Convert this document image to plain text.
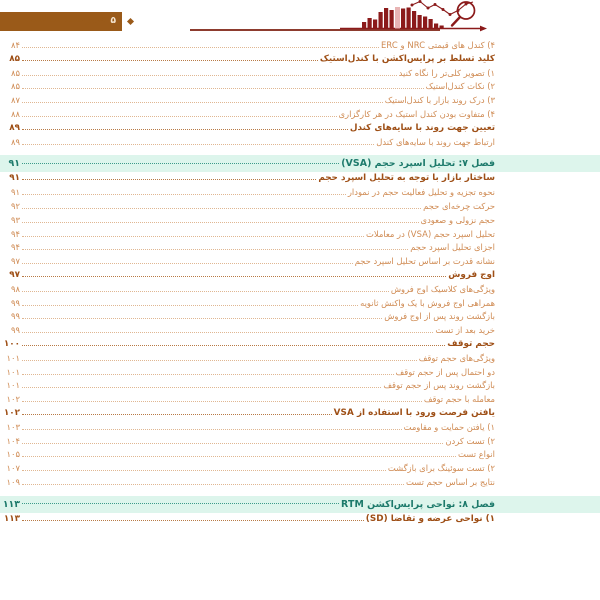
۵
فهرست مطالب
۴) کندل های قیمتی NRC و ERC
۸۴
کلید تسلط بر پرایس‌اکشن با کندل‌استیک
۸۵
۱) تصویر کلی‌تر را نگاه کنید
۸۵
۲) نکات کندل‌استیک
۸۵
۳) درک روند بازار با کندل‌استیک
۸۷
۴) متفاوت بودن کندل استیک در هر کارگزاری
۸۸
تعیین جهت روند با سایه‌های کندل
۸۹
ارتباط جهت روند با سایه‌های کندل
۸۹
فصل ۷: تحلیل اسپرد حجم (VSA)
۹۱
ساختار بازار با توجه به تحلیل اسپرد حجم
۹۱
نحوه تجزیه و تحلیل فعالیت حجم در نمودار
۹۱
حرکت چرخه‌ای حجم
۹۲
حجم نزولی و صعودی
۹۳
تحلیل اسپرد حجم (VSA) در معاملات
۹۴
اجزای تحلیل اسپرد حجم
۹۴
نشانه قدرت بر اساس تحلیل اسپرد حجم
۹۷
اوج فروش
۹۷
ویژگی‌های کلاسیک اوج فروش
۹۸
همراهی اوج فروش با یک واکنش ثانویه
۹۹
بازگشت روند پس از اوج فروش
۹۹
خرید بعد از تست
۹۹
حجم توقف
۱۰۰
ویژگی‌های حجم توقف
۱۰۱
دو احتمال پس از حجم توقف
۱۰۱
بازگشت روند پس از حجم توقف
۱۰۱
معامله با حجم توقف
۱۰۲
یافتن فرصت ورود با استفاده از VSA
۱۰۲
۱) یافتن حمایت و مقاومت
۱۰۳
۲) تست کردن
۱۰۴
انواع تست
۱۰۵
۲) تست سوئینگ برای بازگشت
۱۰۷
نتایج بر اساس حجم تست
۱۰۹
فصل ۸: نواحی پرایس‌اکشن RTM
۱۱۳
۱) نواحی عرضه و تقاضا (SD)
۱۱۳
